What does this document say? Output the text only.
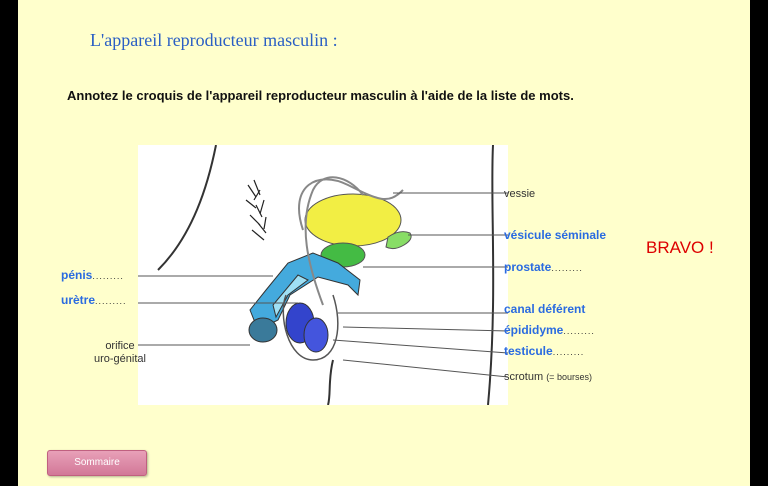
L'appareil reproducteur masculin :
Annotez le croquis de l'appareil reproducteur masculin à l'aide de la liste de mots.
vessie
vésicule séminale
prostate.........
canal déférent
épididyme.........
testicule.........
scrotum (= bourses)
pénis.........
urètre.........
orifice
uro-génital
BRAVO !
Sommaire
